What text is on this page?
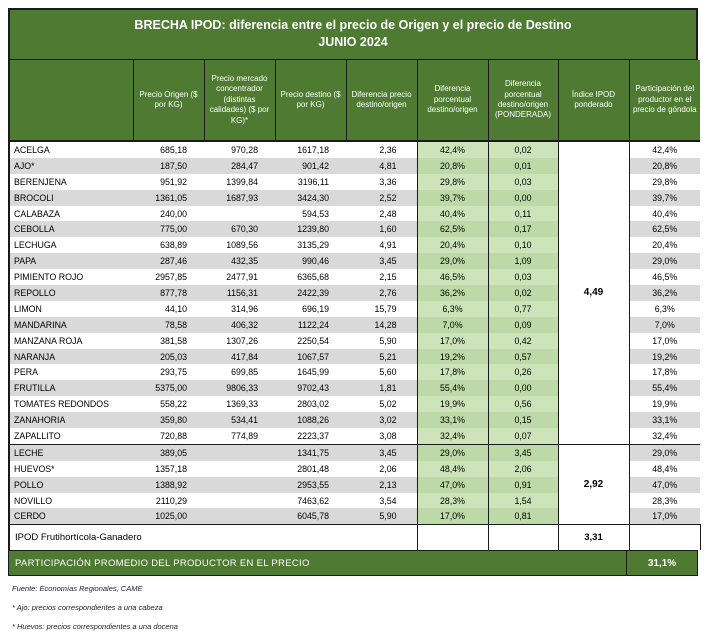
BRECHA IPOD: diferencia entre el precio de Origen y el precio de Destino
JUNIO 2024
	Precio Origen ($ por KG)	Precio mercado concentrador (distintas calidades) ($ por KG)*	Precio destino ($ por KG)	Diferencia precio destino/origen	Diferencia porcentual destino/origen	Diferencia porcentual destino/origen (PONDERADA)	Índice IPOD ponderado	Participación del productor en el precio de góndola
ACELGA	685,18	970,28	1617,18	2,36	42,4%	0,02	4,49	42,4%
AJO*	187,50	284,47	901,42	4,81	20,8%	0,01		20,8%
BERENJENA	951,92	1399,84	3196,11	3,36	29,8%	0,03		29,8%
BROCOLI	1361,05	1687,93	3424,30	2,52	39,7%	0,00		39,7%
CALABAZA	240,00		594,53	2,48	40,4%	0,11		40,4%
CEBOLLA	775,00	670,30	1239,80	1,60	62,5%	0,17		62,5%
LECHUGA	638,89	1089,56	3135,29	4,91	20,4%	0,10		20,4%
PAPA	287,46	432,35	990,46	3,45	29,0%	1,09		29,0%
PIMIENTO ROJO	2957,85	2477,91	6365,68	2,15	46,5%	0,03		46,5%
REPOLLO	877,78	1156,31	2422,39	2,76	36,2%	0,02		36,2%
LIMON	44,10	314,96	696,19	15,79	6,3%	0,77		6,3%
MANDARINA	78,58	406,32	1122,24	14,28	7,0%	0,09		7,0%
MANZANA ROJA	381,58	1307,26	2250,54	5,90	17,0%	0,42		17,0%
NARANJA	205,03	417,84	1067,57	5,21	19,2%	0,57		19,2%
PERA	293,75	699,85	1645,99	5,60	17,8%	0,26		17,8%
FRUTILLA	5375,00	9806,33	9702,43	1,81	55,4%	0,00		55,4%
TOMATES REDONDOS	558,22	1369,33	2803,02	5,02	19,9%	0,56		19,9%
ZANAHORIA	359,80	534,41	1088,26	3,02	33,1%	0,15		33,1%
ZAPALLITO	720,88	774,89	2223,37	3,08	32,4%	0,07		32,4%
LECHE	389,05		1341,75	3,45	29,0%	3,45	2,92	29,0%
HUEVOS*	1357,18		2801,48	2,06	48,4%	2,06		48,4%
POLLO	1388,92		2953,55	2,13	47,0%	0,91		47,0%
NOVILLO	2110,29		7463,62	3,54	28,3%	1,54		28,3%
CERDO	1025,00		6045,78	5,90	17,0%	0,81		17,0%
IPOD Frutihortícola-Ganadero							3,31	
PARTICIPACIÓN PROMEDIO DEL PRODUCTOR EN EL PRECIO	31,1%
Fuente: Economías Regionales, CAME
* Ajo: precios correspondientes a una cabeza
* Huevos: precios correspondientes a una docena
